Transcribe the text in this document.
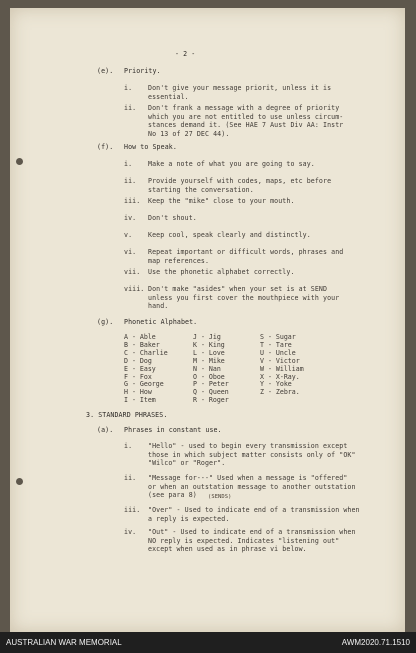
- 2 -
(e). Priority.
i. Don't give your message priorit, unless it is
essential.
ii. Don't frank a message with a degree of priority
which you are not entitled to use unless circum-
stances demand it. (See HAE 7 Aust Div AA: Instr
No 13 of 27 DEC 44).
(f). How to Speak.
i. Make a note of what you are going to say.
ii. Provide yourself with codes, maps, etc before
starting the conversation.
iii. Keep the "mike" close to your mouth.
iv. Don't shout.
v. Keep cool, speak clearly and distinctly.
vi. Repeat important or difficult words, phrases and
map references.
vii. Use the phonetic alphabet correctly.
viii. Don't make "asides" when your set is at SEND
unless you first cover the mouthpiece with your
hand.
(g). Phonetic Alphabet.
A - Able
B - Baker
C - Charlie
D - Dog
E - Easy
F - Fox
G - George
H - How
I - Item
J - Jig
K - King
L - Love
M - Mike
N - Nan
O - Oboe
P - Peter
Q - Queen
R - Roger
S - Sugar
T - Tare
U - Uncle
V - Victor
W - William
X - X-Ray.
Y - Yoke
Z - Zebra.
3. STANDARD PHRASES.
(a). Phrases in constant use.
i. "Hello" - used to begin every transmission except
those in which subject matter consists only of "OK"
"Wilco" or "Roger".
ii. "Message for---" Used when a message is "offered"
or when an outstation message to another outstation
(see para 8)	(SENDS)
iii. "Over" - Used to indicate end of a transmission when
a reply is expected.
iv. "Out" - Used to indicate end of a transmission when
NO reply is expected. Indicates "listening out"
except when used as in phrase vi below.
AUSTRALIAN WAR MEMORIAL	AWM2020.71.1510
